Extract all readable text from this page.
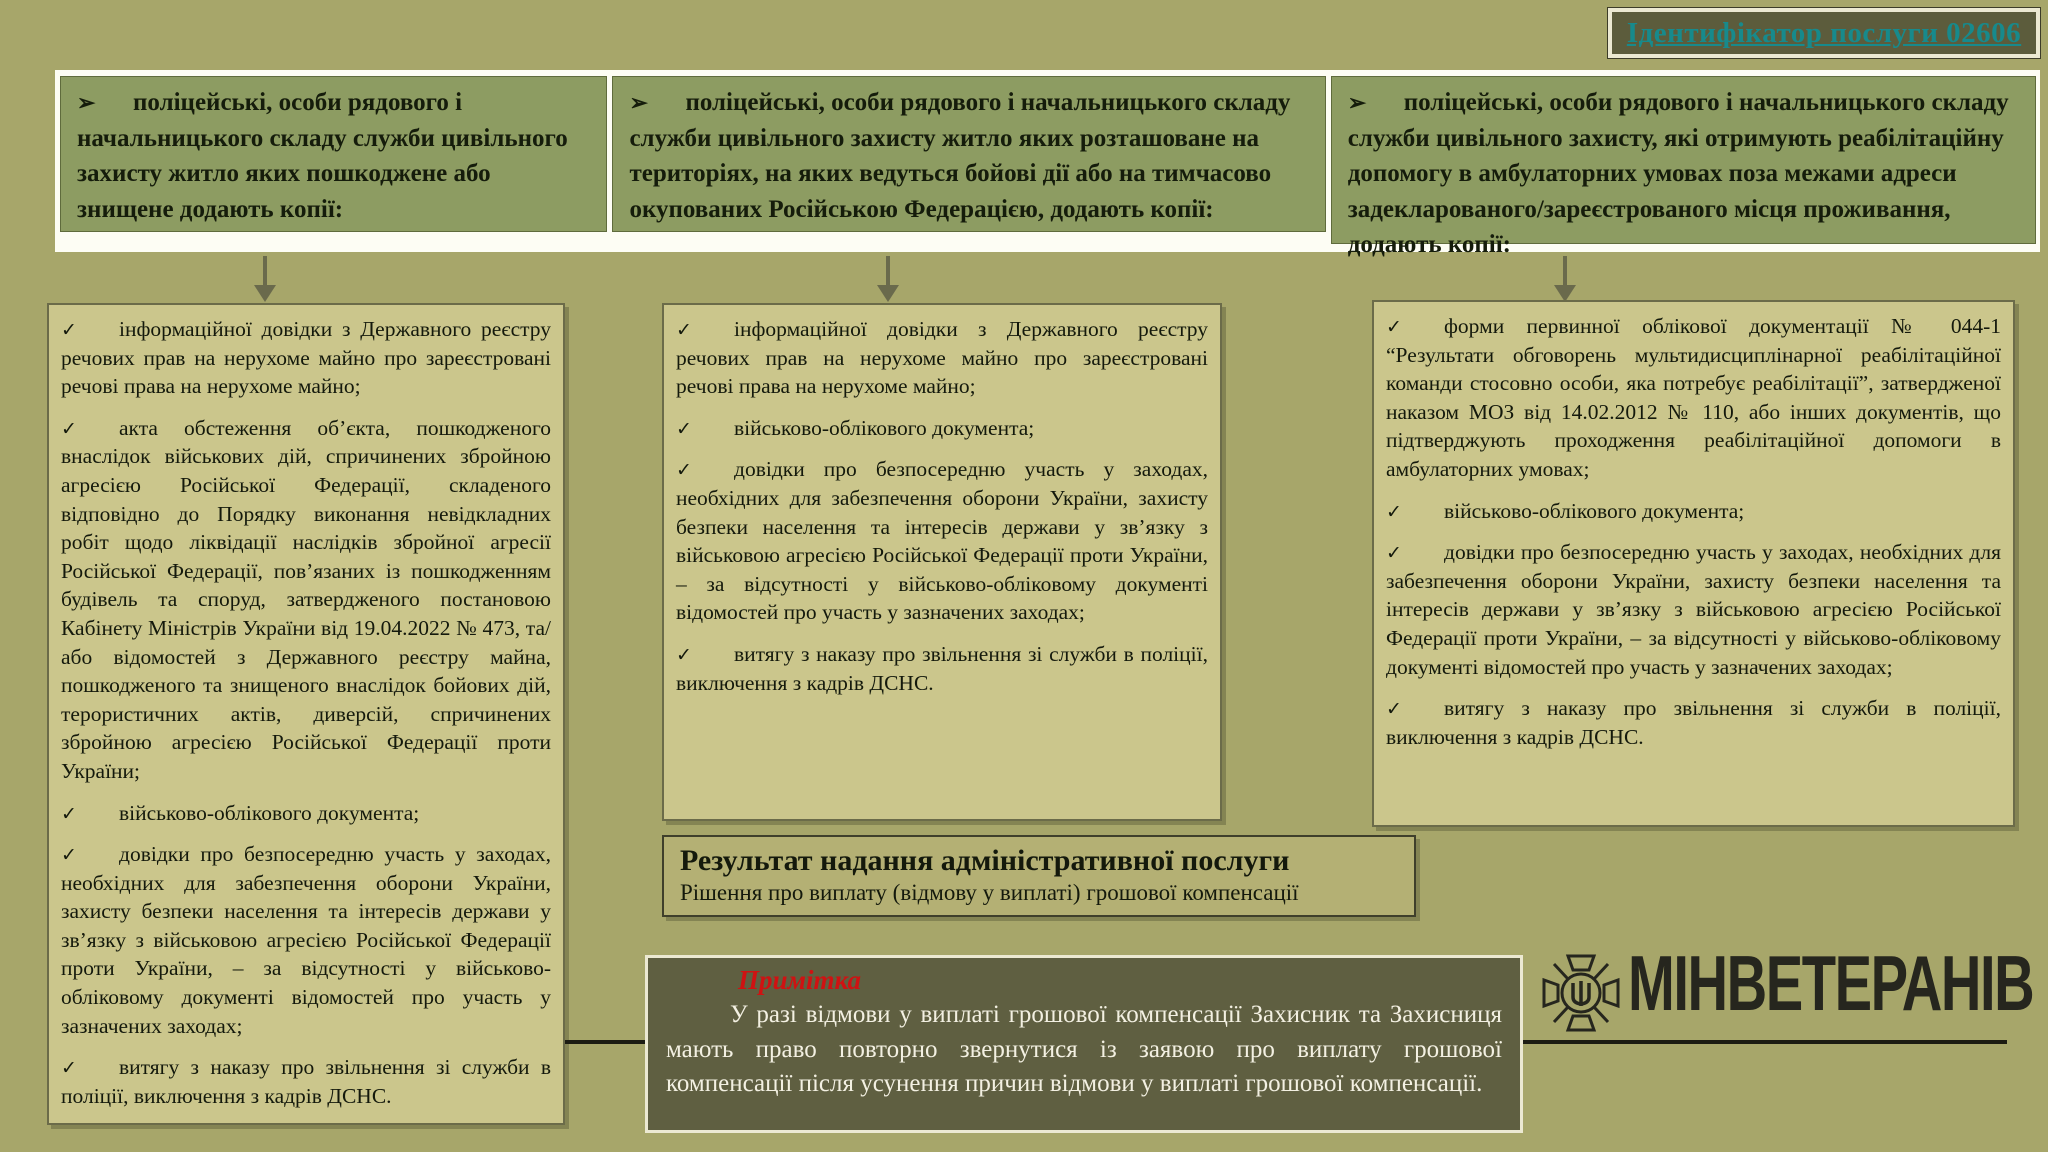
Ідентифікатор послуги 02606
➢ поліцейські, особи рядового і начальницького складу служби цивільного захисту житло яких пошкоджене або знищене додають копії:
➢ поліцейські, особи рядового і начальницького складу служби цивільного захисту житло яких розташоване на територіях, на яких ведуться бойові дії або на тимчасово окупованих Російською Федерацією, додають копії:
➢ поліцейські, особи рядового і начальницького складу служби цивільного захисту, які отримують реабілітаційну допомогу в амбулаторних умовах поза межами адреси задекларованого/зареєстрованого місця проживання, додають копії:

✓ інформаційної довідки з Державного реєстру речових прав на нерухоме майно про зареєстровані речові права на нерухоме майно;

✓ акта обстеження об’єкта, пошкодженого внаслідок військових дій, спричинених збройною агресією Російської Федерації, складеного відповідно до Порядку виконання невідкладних робіт щодо ліквідації наслідків збройної агресії Російської Федерації, пов’язаних із пошкодженням будівель та споруд, затвердженого постановою Кабінету Міністрів України від 19.04.2022 № 473, та/або відомостей з Державного реєстру майна, пошкодженого та знищеного внаслідок бойових дій, терористичних актів, диверсій, спричинених збройною агресією Російської Федерації проти України;

✓ військово-облікового документа;

✓ довідки про безпосередню участь у заходах, необхідних для забезпечення оборони України, захисту безпеки населення та інтересів держави у зв’язку з військовою агресією Російської Федерації проти України, – за відсутності у військово-обліковому документі відомостей про участь у зазначених заходах;

✓ витягу з наказу про звільнення зі служби в поліції, виключення з кадрів ДСНС.

✓ інформаційної довідки з Державного реєстру речових прав на нерухоме майно про зареєстровані речові права на нерухоме майно;

✓ військово-облікового документа;

✓ довідки про безпосередню участь у заходах, необхідних для забезпечення оборони України, захисту безпеки населення та інтересів держави у зв’язку з військовою агресією Російської Федерації проти України, – за відсутності у військово-обліковому документі відомостей про участь у зазначених заходах;

✓ витягу з наказу про звільнення зі служби в поліції, виключення з кадрів ДСНС.

✓ форми первинної облікової документації № 044-1 “Результати обговорень мультидисциплінарної реабілітаційної команди стосовно особи, яка потребує реабілітації”, затвердженої наказом МОЗ від 14.02.2012 № 110, або інших документів, що підтверджують проходження реабілітаційної допомоги в амбулаторних умовах;

✓ військово-облікового документа;

✓ довідки про безпосередню участь у заходах, необхідних для забезпечення оборони України, захисту безпеки населення та інтересів держави у зв’язку з військовою агресією Російської Федерації проти України, – за відсутності у військово-обліковому документі відомостей про участь у зазначених заходах;

✓ витягу з наказу про звільнення зі служби в поліції, виключення з кадрів ДСНС.

Результат надання адміністративної послуги

Рішення про виплату (відмову у виплаті) грошової компенсації

Примітка

У разі відмови у виплаті грошової компенсації Захисник та Захисниця мають право повторно звернутися із заявою про виплату грошової компенсації після усунення причин відмови у виплаті грошової компенсації.

МІНВЕТЕРАНІВ
